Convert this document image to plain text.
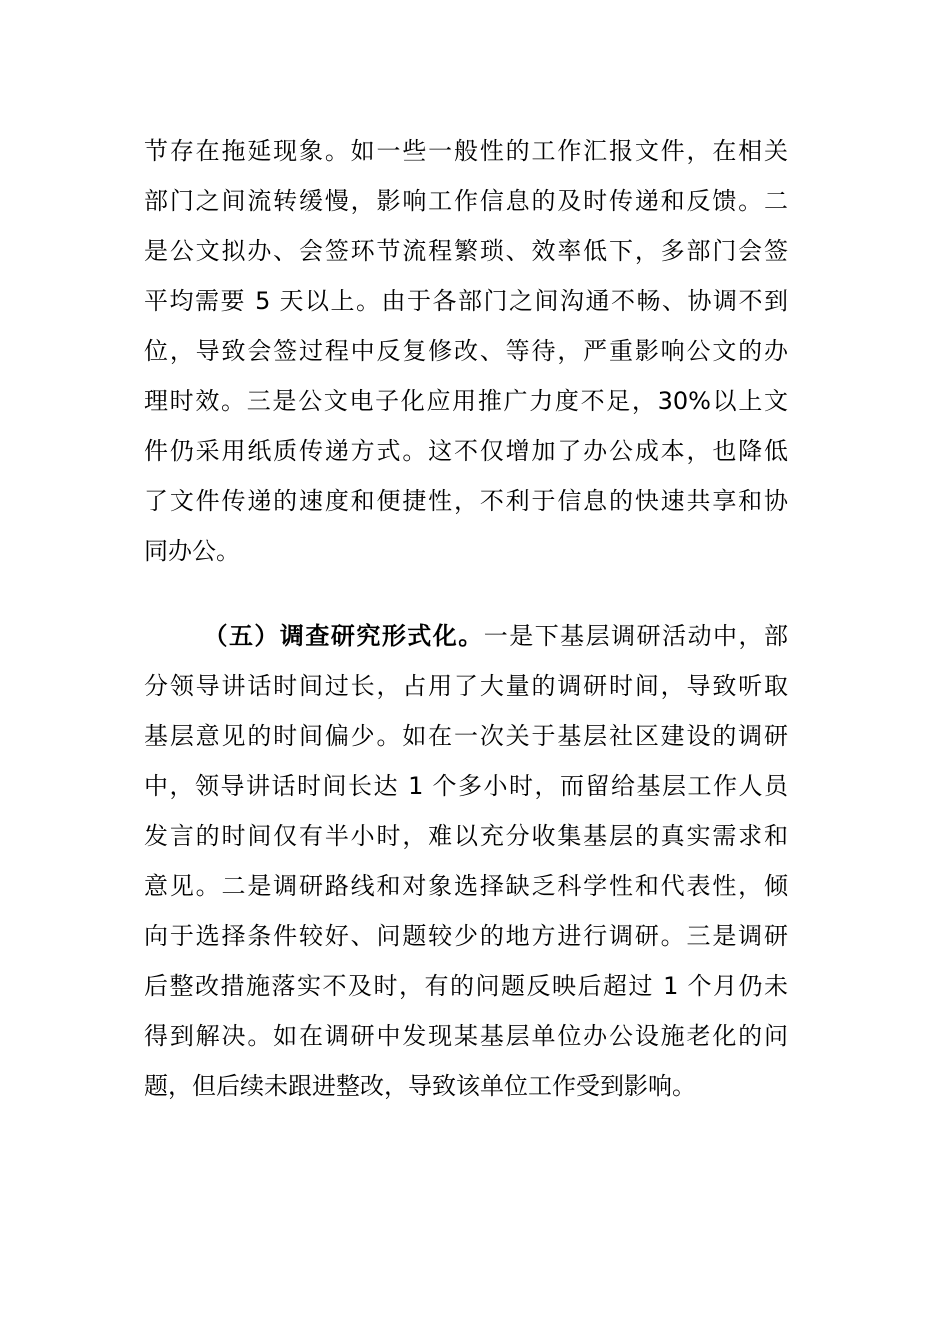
节存在拖延现象。如一些一般性的工作汇报文件，在相关
部门之间流转缓慢，影响工作信息的及时传递和反馈。二
是公文拟办、会签环节流程繁琐、效率低下，多部门会签
平均需要 5 天以上。由于各部门之间沟通不畅、协调不到
位，导致会签过程中反复修改、等待，严重影响公文的办
理时效。三是公文电子化应用推广力度不足，30%以上文
件仍采用纸质传递方式。这不仅增加了办公成本，也降低
了文件传递的速度和便捷性，不利于信息的快速共享和协
同办公。
（五）调查研究形式化。一是下基层调研活动中，部
分领导讲话时间过长，占用了大量的调研时间，导致听取
基层意见的时间偏少。如在一次关于基层社区建设的调研
中，领导讲话时间长达 1 个多小时，而留给基层工作人员
发言的时间仅有半小时，难以充分收集基层的真实需求和
意见。二是调研路线和对象选择缺乏科学性和代表性，倾
向于选择条件较好、问题较少的地方进行调研。三是调研
后整改措施落实不及时，有的问题反映后超过 1 个月仍未
得到解决。如在调研中发现某基层单位办公设施老化的问
题，但后续未跟进整改，导致该单位工作受到影响。
